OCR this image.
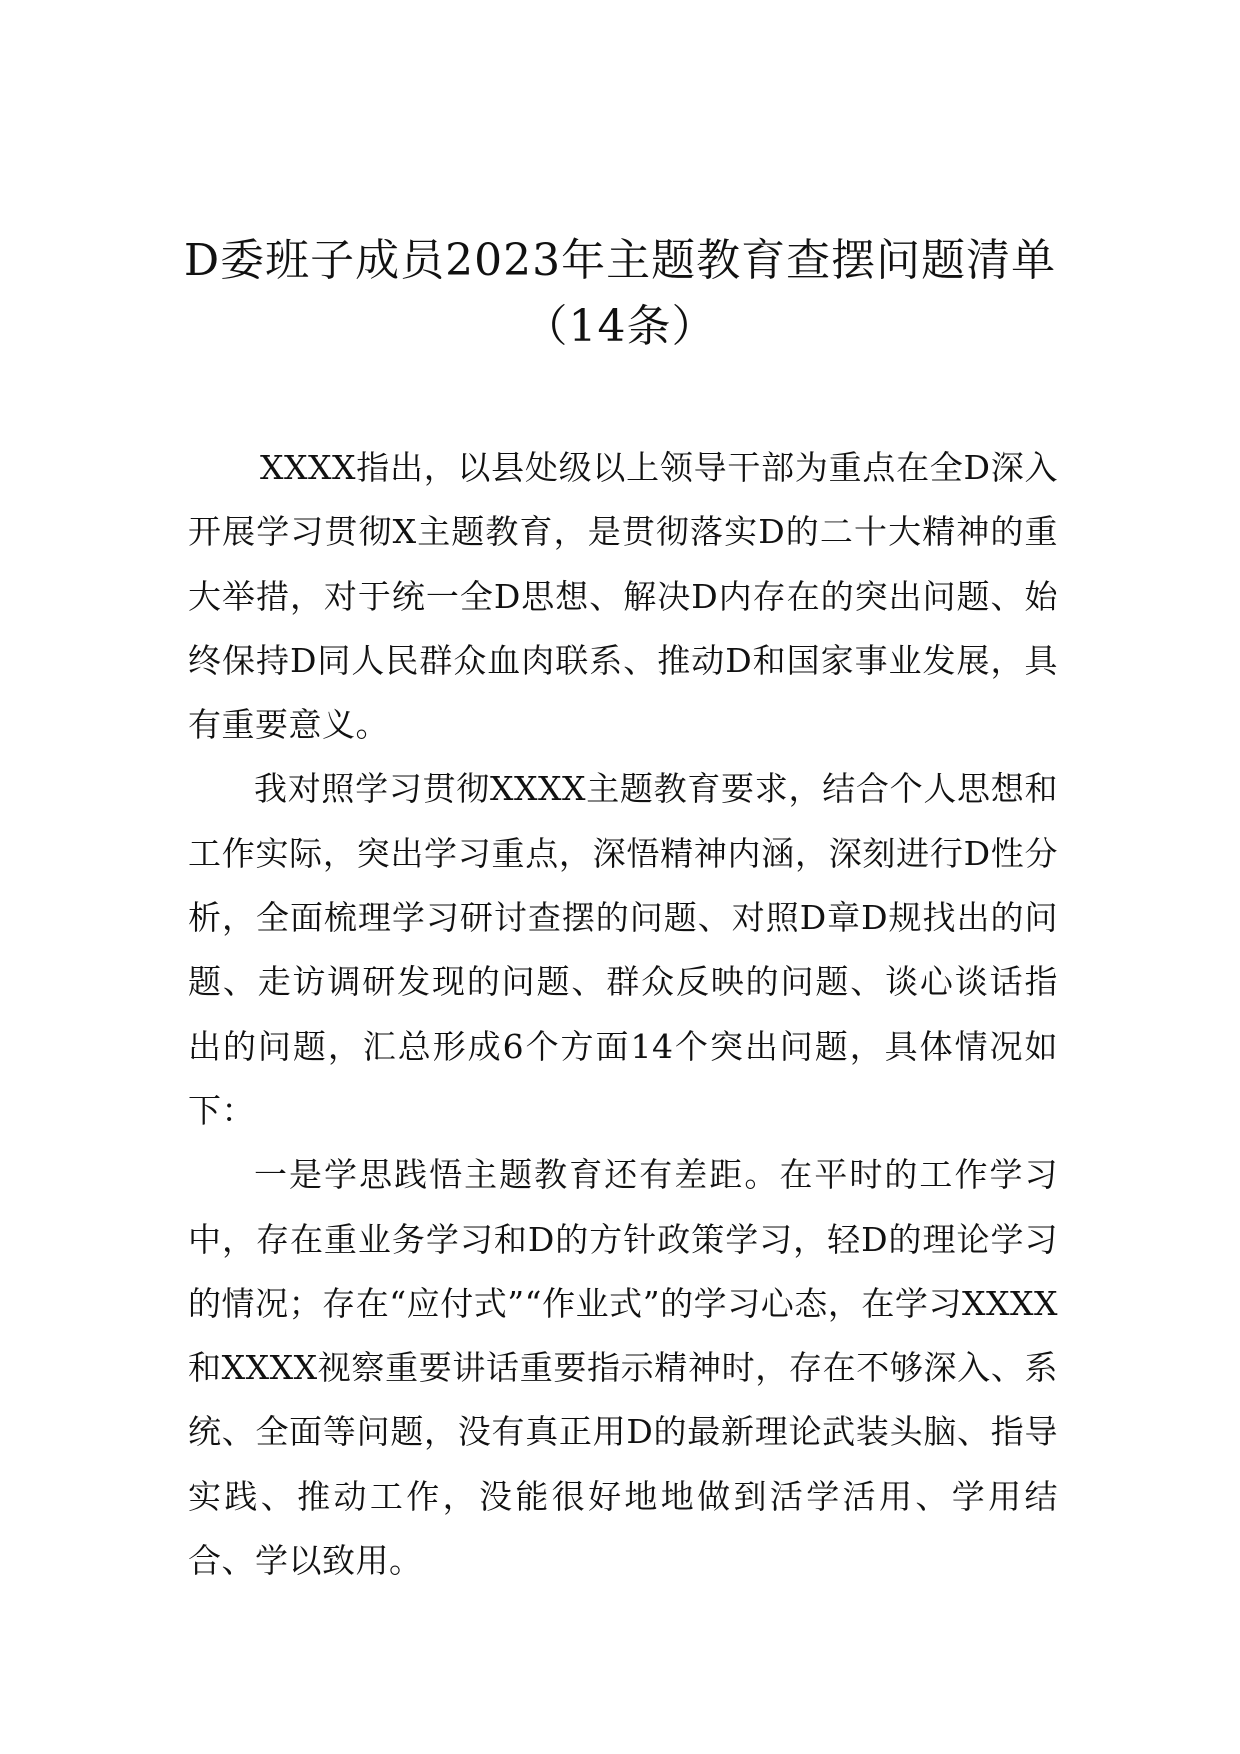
D委班子成员2023年主题教育查摆问题清单（14条）

XXXX指出，以县处级以上领导干部为重点在全D深入开展学习贯彻X主题教育，是贯彻落实D的二十大精神的重大举措，对于统一全D思想、解决D内存在的突出问题、始终保持D同人民群众血肉联系、推动D和国家事业发展，具有重要意义。

我对照学习贯彻XXXX主题教育要求，结合个人思想和工作实际，突出学习重点，深悟精神内涵，深刻进行D性分析，全面梳理学习研讨查摆的问题、对照D章D规找出的问题、走访调研发现的问题、群众反映的问题、谈心谈话指出的问题，汇总形成6个方面14个突出问题，具体情况如下：

一是学思践悟主题教育还有差距。在平时的工作学习中，存在重业务学习和D的方针政策学习，轻D的理论学习的情况；存在“应付式”“作业式”的学习心态，在学习XXXX和XXXX视察重要讲话重要指示精神时，存在不够深入、系统、全面等问题，没有真正用D的最新理论武装头脑、指导实践、推动工作，没能很好地地做到活学活用、学用结合、学以致用。
